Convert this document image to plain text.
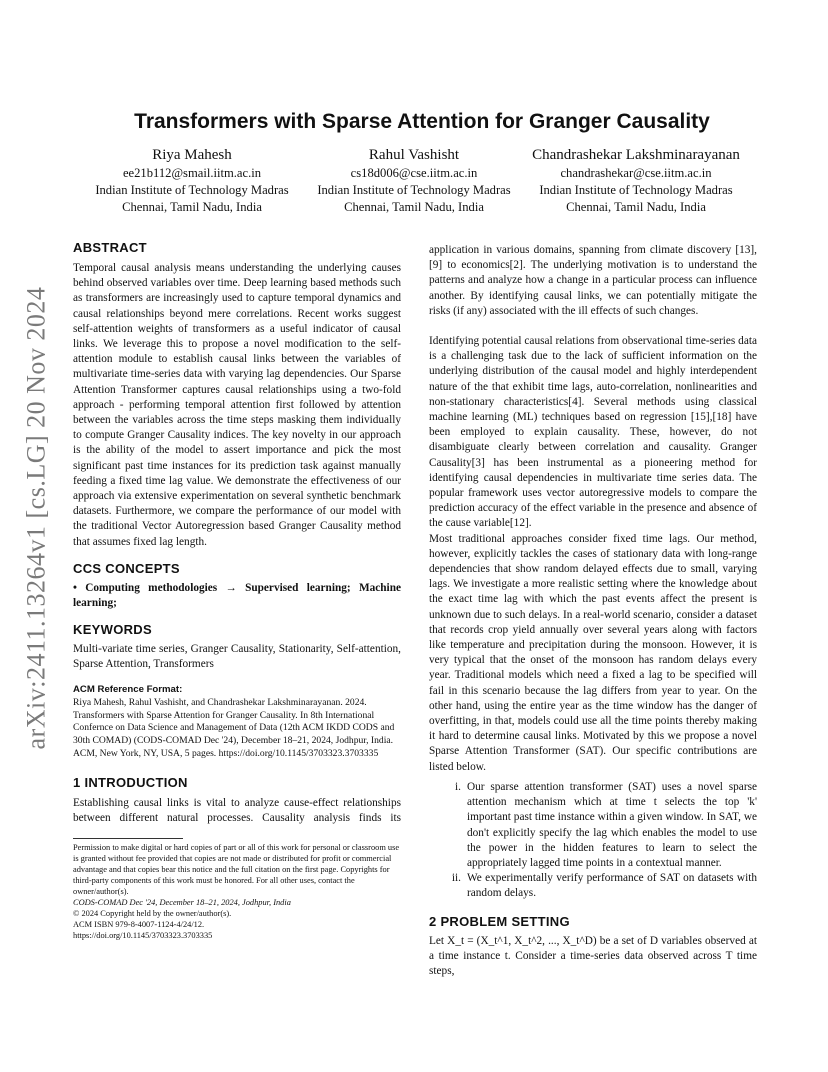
arXiv:2411.13264v1 [cs.LG] 20 Nov 2024
Transformers with Sparse Attention for Granger Causality
Riya Mahesh
ee21b112@smail.iitm.ac.in
Indian Institute of Technology Madras
Chennai, Tamil Nadu, India
Rahul Vashisht
cs18d006@cse.iitm.ac.in
Indian Institute of Technology Madras
Chennai, Tamil Nadu, India
Chandrashekar Lakshminarayanan
chandrashekar@cse.iitm.ac.in
Indian Institute of Technology Madras
Chennai, Tamil Nadu, India
ABSTRACT

Temporal causal analysis means understanding the underlying causes behind observed variables over time. Deep learning based methods such as transformers are increasingly used to capture temporal dynamics and causal relationships beyond mere correlations. Recent works suggest self-attention weights of transformers as a useful indicator of causal links. We leverage this to propose a novel modification to the self-attention module to establish causal links between the variables of multivariate time-series data with varying lag dependencies. Our Sparse Attention Transformer captures causal relationships using a two-fold approach - performing temporal attention first followed by attention between the variables across the time steps masking them individually to compute Granger Causality indices. The key novelty in our approach is the ability of the model to assert importance and pick the most significant past time instances for its prediction task against manually feeding a fixed time lag value. We demonstrate the effectiveness of our approach via extensive experimentation on several synthetic benchmark datasets. Furthermore, we compare the performance of our model with the traditional Vector Autoregression based Granger Causality method that assumes fixed lag length.

CCS CONCEPTS

• Computing methodologies → Supervised learning; Machine learning;

KEYWORDS

Multi-variate time series, Granger Causality, Stationarity, Self-attention, Sparse Attention, Transformers

ACM Reference Format:

Riya Mahesh, Rahul Vashisht, and Chandrashekar Lakshminarayanan. 2024. Transformers with Sparse Attention for Granger Causality. In 8th International Confernce on Data Science and Management of Data (12th ACM IKDD CODS and 30th COMAD) (CODS-COMAD Dec '24), December 18–21, 2024, Jodhpur, India. ACM, New York, NY, USA, 5 pages. https://doi.org/10.1145/3703323.3703335

1 INTRODUCTION

Establishing causal links is vital to analyze cause-effect relationships between different natural processes. Causality analysis finds its

Permission to make digital or hard copies of part or all of this work for personal or classroom use is granted without fee provided that copies are not made or distributed for profit or commercial advantage and that copies bear this notice and the full citation on the first page. Copyrights for third-party components of this work must be honored. For all other uses, contact the owner/author(s).

CODS-COMAD Dec '24, December 18–21, 2024, Jodhpur, India

© 2024 Copyright held by the owner/author(s).

ACM ISBN 979-8-4007-1124-4/24/12.

https://doi.org/10.1145/3703323.3703335

application in various domains, spanning from climate discovery [13],[9] to economics[2]. The underlying motivation is to understand the patterns and analyze how a change in a particular process can influence another. By identifying causal links, we can potentially mitigate the risks (if any) associated with the ill effects of such changes.

Identifying potential causal relations from observational time-series data is a challenging task due to the lack of sufficient information on the underlying distribution of the causal model and highly interdependent nature of the that exhibit time lags, auto-correlation, nonlinearities and non-stationary characteristics[4]. Several methods using classical machine learning (ML) techniques based on regression [15],[18] have been employed to explain causality. These, however, do not disambiguate clearly between correlation and causality. Granger Causality[3] has been instrumental as a pioneering method for identifying causal dependencies in multivariate time series data. The popular framework uses vector autoregressive models to compare the prediction accuracy of the effect variable in the presence and absence of the cause variable[12].

Most traditional approaches consider fixed time lags. Our method, however, explicitly tackles the cases of stationary data with long-range dependencies that show random delayed effects due to small, varying lags. We investigate a more realistic setting where the knowledge about the exact time lag with which the past events affect the present is unknown due to such delays. In a real-world scenario, consider a dataset that records crop yield annually over several years along with factors like temperature and precipitation during the monsoon. However, it is very typical that the onset of the monsoon has random delays every year. Traditional models which need a fixed a lag to be specified will fail in this scenario because the lag differs from year to year. On the other hand, using the entire year as the time window has the danger of overfitting, in that, models could use all the time points thereby making it hard to determine causal links. Motivated by this we propose a novel Sparse Attention Transformer (SAT). Our specific contributions are listed below.

i. Our sparse attention transformer (SAT) uses a novel sparse attention mechanism which at time t selects the top 'k' important past time instance within a given window. In SAT, we don't explicitly specify the lag which enables the model to use the power in the hidden features to learn to select the appropriately lagged time points in a contextual manner.
ii. We experimentally verify performance of SAT on datasets with random delays.
2 PROBLEM SETTING

Let X_t = (X_t^1, X_t^2, ..., X_t^D) be a set of D variables observed at a time instance t. Consider a time-series data observed across T time steps,
